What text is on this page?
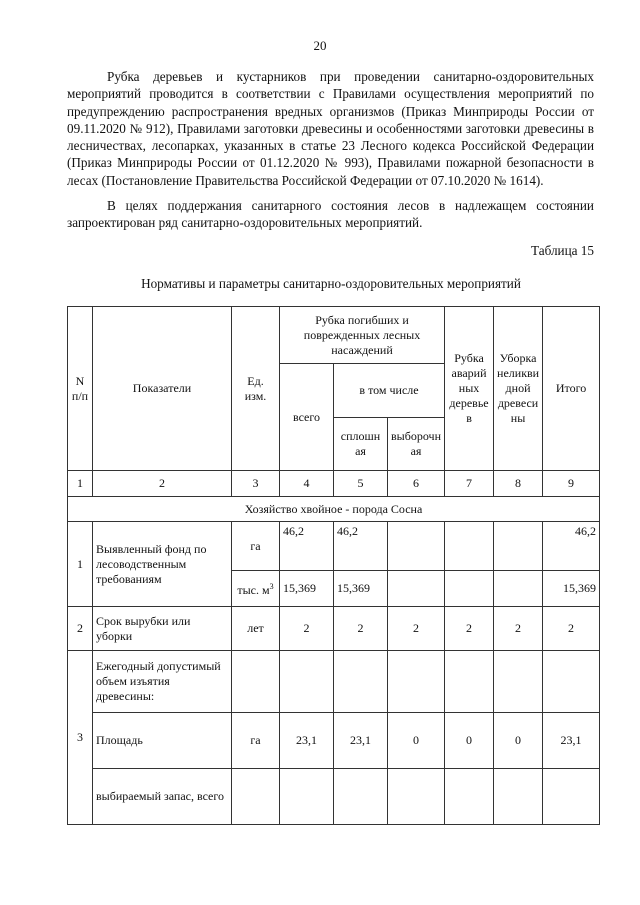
20

Рубка деревьев и кустарников при проведении санитарно-оздоровительных мероприятий проводится в соответствии с Правилами осуществления мероприятий по предупреждению распространения вредных организмов (Приказ Минприроды России от 09.11.2020 № 912), Правилами заготовки древесины и особенностями заготовки древесины в лесничествах, лесопарках, указанных в статье 23 Лесного кодекса Российской Федерации (Приказ Минприроды России от 01.12.2020 № 993), Правилами пожарной безопасности в лесах (Постановление Правительства Российской Федерации от 07.10.2020 № 1614).

В целях поддержания санитарного состояния лесов в надлежащем состоянии запроектирован ряд санитарно-оздоровительных мероприятий.

Таблица 15
Нормативы и параметры санитарно-оздоровительных мероприятий
N п/п	Показатели	Ед. изм.	Рубка погибших и поврежденных лесных насаждений			Рубка аварий ных деревье в	Уборка неликви дной древеси ны	Итого
			всего	в том числе				
				сплошн ая	выборочн ая			
1	2	3	4	5	6	7	8	9
Хозяйство хвойное - порода Сосна								
1	Выявленный фонд по лесоводственным требованиям	га	46,2	46,2				46,2
		тыс. $м^3$	15,369	15,369				15,369
2	Срок вырубки или уборки	лет	2	2	2	2	2	2
3	Ежегодный допустимый объем изъятия древесины:							
	Площадь	га	23,1	23,1	0	0	0	23,1
	выбираемый запас, всего							
